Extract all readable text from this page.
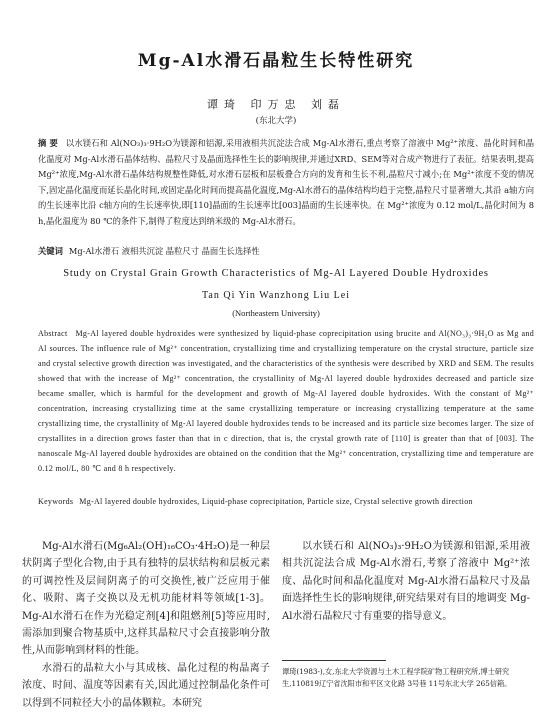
Mg-Al水滑石晶粒生长特性研究
谭琦 印万忠 刘磊
(东北大学)
摘 要 以水镁石和 Al(NO₃)₃·9H₂O为镁源和铝源,采用液相共沉淀法合成 Mg-Al水滑石,重点考察了溶液中 Mg²⁺浓度、晶化时间和晶化温度对 Mg-Al水滑石晶体结构、晶粒尺寸及晶面选择性生长的影响规律,并通过XRD、SEM等对合成产物进行了表征。结果表明,提高 Mg²⁺浓度,Mg-Al水滑石晶体结构规整性降低,对水滑石层板和层板叠合方向的发育和生长不利,晶粒尺寸减小;在 Mg²⁺浓度不变的情况下,固定晶化温度而延长晶化时间,或固定晶化时间而提高晶化温度,Mg-Al水滑石的晶体结构均趋于完整,晶粒尺寸显著增大,其沿 a轴方向的生长速率比沿 c轴方向的生长速率快,即[110]晶面的生长速率比[003]晶面的生长速率快。在 Mg²⁺浓度为 0.12 mol/L,晶化时间为 8 h,晶化温度为 80 ℃的条件下,制得了粒度达到纳米级的 Mg-Al水滑石。
关键词 Mg-Al水滑石 液相共沉淀 晶粒尺寸 晶面生长选择性
Study on Crystal Grain Growth Characteristics of Mg-Al Layered Double Hydroxides
Tan Qi Yin Wanzhong Liu Lei
(Northeastern University)
Abstract Mg-Al layered double hydroxides were synthesized by liquid-phase coprecipitation using brucite and Al(NO₃)₃·9H₂O as Mg and Al sources. The influence rule of Mg²⁺ concentration, crystallizing time and crystallizing temperature on the crystal structure, particle size and crystal selective growth direction was investigated, and the characteristics of the synthesis were described by XRD and SEM. The results showed that with the increase of Mg²⁺ concentration, the crystallinity of Mg-Al layered double hydroxides decreased and particle size became smaller, which is harmful for the development and growth of Mg-Al layered double hydroxides. With the constant of Mg²⁺ concentration, increasing crystallizing time at the same crystallizing temperature or increasing crystallizing temperature at the same crystallizing time, the crystallinity of Mg-Al layered double hydroxides tends to be increased and its particle size becomes larger. The size of crystallites in a direction grows faster than that in c direction, that is, the crystal growth rate of [110] is greater than that of [003]. The nanoscale Mg-Al layered double hydroxides are obtained on the condition that the Mg²⁺ concentration, crystallizing time and temperature are 0.12 mol/L, 80 ℃ and 8 h respectively.
Keywords Mg-Al layered double hydroxides, Liquid-phase coprecipitation, Particle size, Crystal selective growth direction

Mg-Al水滑石(Mg₆Al₂(OH)₁₆CO₃·4H₂O)是一种层状阴离子型化合物,由于具有独特的层状结构和层板元素的可调控性及层间阴离子的可交换性,被广泛应用于催化、吸附、离子交换以及无机功能材料等领域[1-3]。Mg-Al水滑石在作为光稳定剂[4]和阻燃剂[5]等应用时,需添加到聚合物基质中,这样其晶粒尺寸会直接影响分散性,从而影响到材料的性能。

水滑石的晶粒大小与其成核、晶化过程的构晶离子浓度、时间、温度等因素有关,因此通过控制晶化条件可以得到不同粒径大小的晶体颗粒。本研究

以水镁石和 Al(NO₃)₃·9H₂O为镁源和铝源,采用液相共沉淀法合成 Mg-Al水滑石,考察了溶液中 Mg²⁺浓度、晶化时间和晶化温度对 Mg-Al水滑石晶粒尺寸及晶面选择性生长的影响规律,研究结果对有目的地调变 Mg-Al水滑石晶粒尺寸有重要的指导意义。

谭琦(1983-),女,东北大学资源与土木工程学院矿物工程研究所,博士研究生,110819辽宁省沈阳市和平区文化路 3号巷 11号东北大学 265信箱。
